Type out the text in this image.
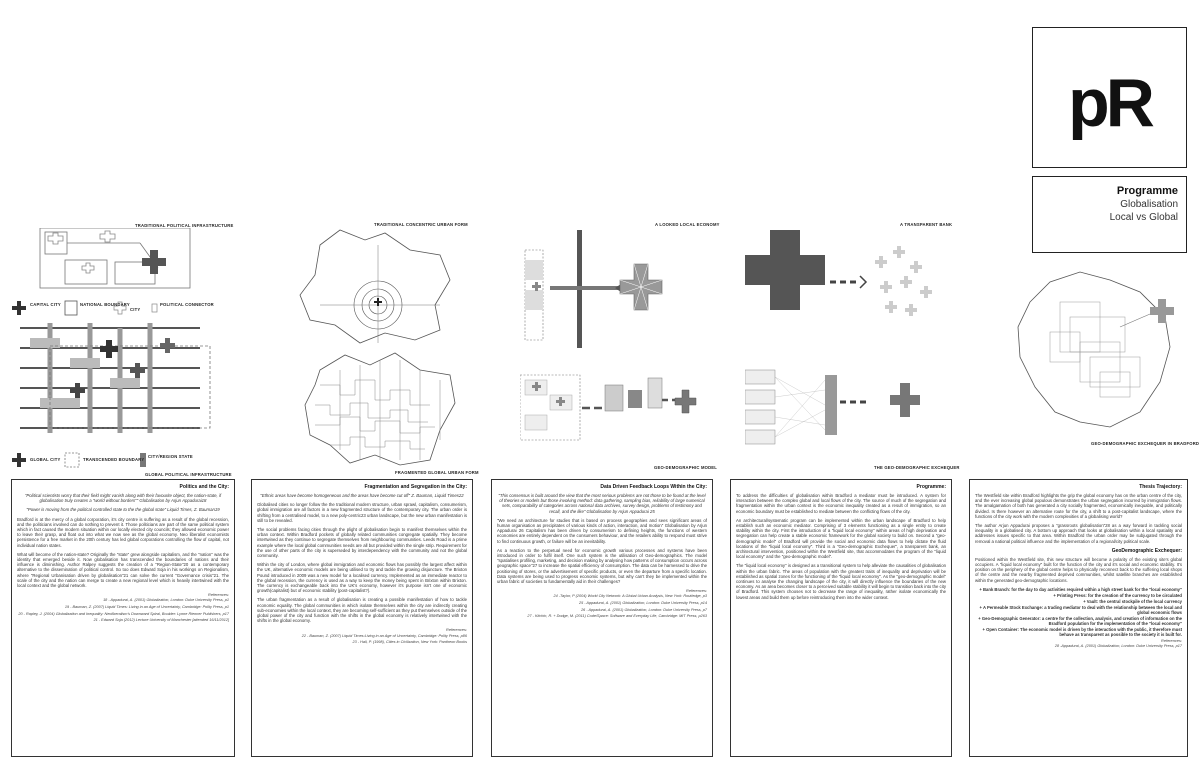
pR
Programme
Globalisation
Local vs Global
TRADITIONAL POLITICAL INFRASTRUCTURE
GLOBAL POLITICAL INFRASTRUCTURE
TRADITIONAL CONCENTRIC URBAN FORM
FRAGMENTED GLOBAL URBAN FORM
A LOOKED LOCAL ECONOMY
GEO-DEMOGRAPHIC MODEL
A TRANSPARENT BANK
THE GEO-DEMOGRAPHIC EXCHEQUER
GEO-DEMOGRAPHIC EXCHEQUER IN BRADFORD
CAPITAL CITY	NATIONAL BOUNDARY
CITY
POLITICAL CONNECTOR
GLOBAL CITY	TRANSCENDED BOUNDARY
CITY/REGION STATE
Politics and the City:

"Political scientists worry that their field might vanish along with their favourite object, the nation-state, if globalisation truly creates a "world without borders"" Globalisation by Arjun Appadurai18

"Power is moving from the political controlled state to the the global state" Liquid Times, Z. Bauman19

Bradford is at the mercy of a global corporation, it's city centre is suffering as a result of the global recession, and the politicians involved can do nothing to prevent it. Those politicians are part of the same political system which in fact caused the modern situation within our locally elected city councils; they allowed economic power to leave their grasp, and float out into what we now see as the global economy. Neo liberalist economists persistence for a free market in the 20th century has led global corporations controlling the flow of capital, not individual nation states.

What will become of the nation-state? Originally the "state" grew alongside capitalism, and the "nation" was the identity that emerged beside it. Now globalisation has transcended the boundaries of nations and their influence is diminishing. Author Ralpey suggests the creation of a "Region-State"20 as a contemporary alternative to the dissemination of political control. So too does Edward Soja in his workings on Regionalism, where "Regional Urbanisation driven by globalisation"21 can solve the current "Governance crisis"21. The scale of the city and the nation can merge to create a new regional level which is heavily intertwined with the local context and the global network.

References:

18 - Appadurai, A. (2001) Globalization, London: Duke University Press, p1

19 - Bauman, Z. (2007) Liquid Times: Living in an Age of Uncertainty, Cambridge: Polity Press, p1

20 - Rapley, J. (2004) Globalization and Inequality: Neoliberalism's Downward Spiral, Boulder: Lynne Rienner Publishers, p17

21 - Edward Soja (2012) Lecture University of Manchester [attended 16/11/2012]

Fragmentation and Segregation in the City:

"Ethnic areas have become homogeneous and the areas have become cut off" Z. Bauman, Liquid Times22

Globalised cities no longer follow the the traditional modern structure, urban sprawl, capitalism, consumerism, global immigration are all factors in a new fragmented structure of the contemporary city. The urban order is shifting from a centralised model, to a new poly-centric23 urban landscape, but the new urban manifestation is still to be revealed.

The social problems facing cities through the plight of globalisation begin to manifest themselves within the urban context. Within Bradford pockets of globally related communities congregate spatially. They become intertwined as they continue to segregate themselves from neighbouring communities. Leeds Road is a prime example where the local global communities needs are all but provided within the single strip. Requirement for the use of other parts of the city is superseded by interdependency with the community and not the global community.

Within the city of London, where global immigration and economic flows has possibly the largest affect within the UK, alternative economic models are being utilised to try and tackle the growing disjuncture. The Brixton Pound introduced in 2009 was a new model for a localised currency. Implemented as an immediate reactor to the global recession, the currency is used as a way to keep the money being spent in Brixton within Brixton. The currency is exchangeable back into the UK's economy, however it's purpose isn't one of economic growth(capitalist) but of economic stability (post-capitalist?).

The urban fragmentation as a result of globalisation is creating a possible manifestation of how to tackle economic equality. The global communities in which isolate themselves within the city are indirectly creating sub-economies within the local context, they are becoming self-sufficient as they put themselves outside of the global power of the city and function with the shifts in the global economy is relatively intertwined with the shifts in the global economy.

References:

22 - Bauman, Z. (2007) Liquid Times:Living in an Age of Uncertainty, Cambridge: Polity Press, p86

23 - Hall, P. (1998), Cities in Civilization, New York: Pantheon Books

Data Driven Feedback Loops Within the City:

"This consensus is built around the view that the most serious problems are not those to be found at the level of theories or models but those involving method: data gathering, sampling bias, reliability of large numerical sets, comparability of categories across national data archives, survey design, problems of testimony and recall, and the like" Globalisation by Arjun Appadurai 25

"We need an architecture for studies that is based on process geographies and sees significant areas of human organisation as precipitates of various kinds of action, interaction, and motion" Globalisation by Arjun Appadurai 26 Capitalism has been driven by consumerism to defining heights, the functions of western economies are entirely dependent on the consumers behaviour, and the retailers ability to respond must strive to find continuous growth, or failure will be an inevitability.

As a reaction to the perpetual need for economic growth various processes and systems have been introduced in order to fulfil itself. One such system is the utilisation of Geo-demographics. The model "spatialises profiling, marketing, and decision making by analysing how patterns of consumption occurs across geographic space"27 to increase the spatial efficiency of consumption. The data can be harnessed to drive the positioning of stores, or the advertisement of specific products, or even the departure from a specific location. Data systems are being used to progress economic systems, but why can't they be implemented within the urban fabric of societies to fundamentally aid in their challenges?

References:

24 -Taylor, P (2004) World City Network: A Global Urban Analysis, New York: Routledge, p3

25 - Appadurai, A. (2001) Globalization, London: Duke University Press, p14

26 - Appadurai, A. (2001) Globalization, London: Duke University Press, p7

27 - Kitchin, R. + Dodge, M. (2011) Code/Space: Software and Everyday Life, Cambridge: MIT Press, p263

Programme:

To address the difficulties of globalisation within Bradford a mediator must be introduced. A system for interaction between the complex global and local flows of the city. The source of much of the segregation and fragmentation within the urban context is the economic inequality created as a result of immigration, so an economic boundary must be established to mediate between the conflicting flows of the city.

An architectural/systematic program can be implemented within the urban landscape of Bradford to help establish such an economic mediator. Comprising of 3 elements functioning as a single entity to create stability within the city. First the introduction of a "liquid local economy" within areas of high deprivation and segregation can help create a stable economic framework for the global society to build on. Second a "geo-demographic model" of Bradford will provide the social and economic data flows to help dictate the fluid locations of the "liquid local economy". Third is a "Geo-demographic Exchequer", a transparent bank, an architectural intervention, positioned within the Westfield site, that accommodates the program of the "liquid local economy" and the "geo-demographic model".

The "liquid local economy" is designed as a transitional system to help alleviate the causalities of globalisation within the urban fabric. The areas of population with the greatest traits of inequality and deprivation will be established as spatial zones for the functioning of the "liquid local economy". As the "geo-demographic model" continues to analyse the changing landscape of the city, it will directly influence the boundaries of the new economy. As an area becomes closer to a perceived suitable stability it will begin to transition back into the city of Bradford. This system chooses not to decrease the range of inequality, rather isolate economically the lowest areas and build them up before reintroducing them into the wider context.

Thesis Trajectory:

The Westfield site within Bradford highlights the grip the global economy has on the urban centre of the city, and the ever increasing global populous demonstrates the urban segregation incurred by immigration flows. The amalgamation of both has generated a city socially fragmented, economically inequable, and politically divided. Is there however an alternative route for the city, a shift to a post-capitalist landscape, where the functions of the city work with the modern complexities of a globalising world?

The author Arjun Appadurai proposes a "grassroots globalisation"28 as a way forward in tackling social inequality in a globalised city. A bottom up approach that looks at globalisation within a local spatiality and addresses issues specific to that area. Within Bradford the urban order may be subjugated through the removal a national political influence and the implementation of a regional/city political scale.

GeoDemographic Exchequer:

Positioned within the Westfield site, this new structure will become a polarity of the existing site's global occupiers. A "liquid local economy" built for the function of the city and it's social and economic stability. It's position on the periphery of the global centre helps to physically reconnect back to the suffering local shops of the centre and the nearby fragmented deprived communities, whilst satellite branches are established within the generated geo-demographic locations.

+ Bank Branch: for the day to day activities required within a high street bank for the "local economy"

+ Printing Press: for the creation of the currency to be circulated

+ Vault: the central stockpile of the local currency

+ A Permeable Stock Exchange: a trading mediator to deal with the relationship between the local and global economic flows

+ Geo-Demographic Generator: a centre for the collection, analysis, and creation of information on the Bradford population for the implementation of the "local economy"

+ Open Container: The economic model is driven by the interaction with the public, it therefore must behave as transparent as possible to the society it is built for.

References:

28 -Appadurai, A. (2001) Globalization, London: Duke University Press, p17
